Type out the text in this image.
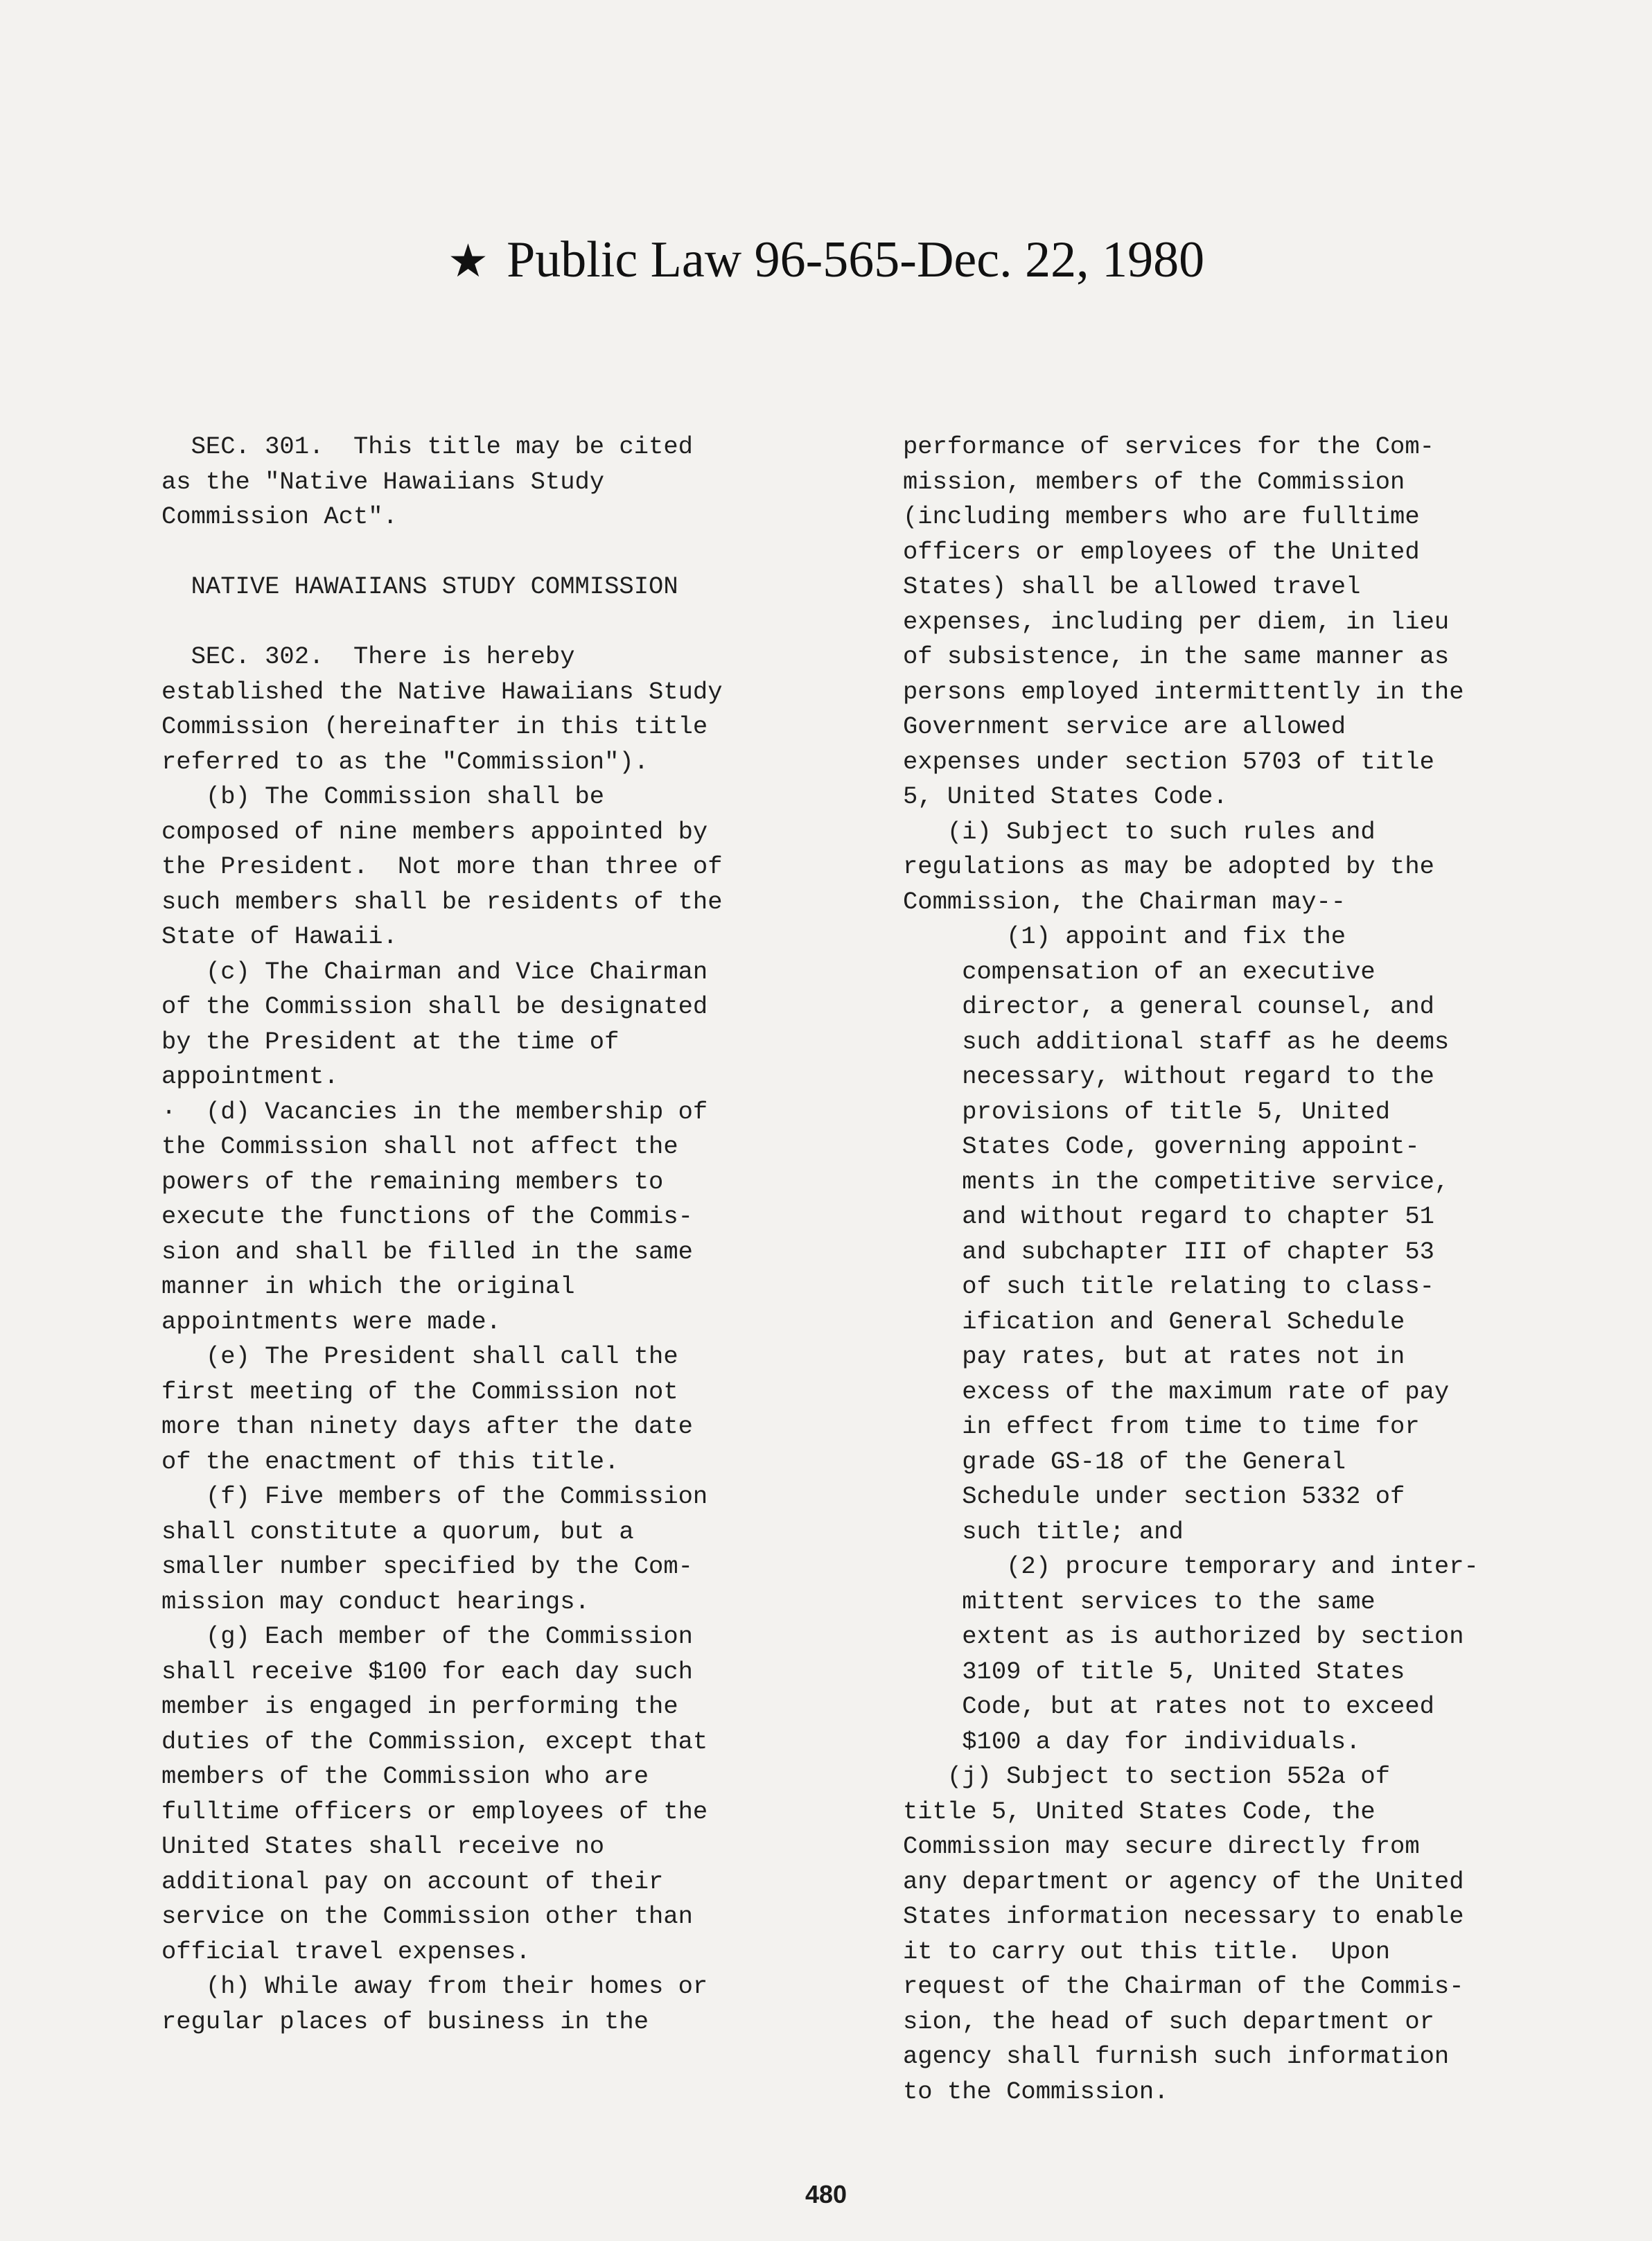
★ Public Law 96-565-Dec. 22, 1980
SEC. 301.  This title may be cited
as the "Native Hawaiians Study
Commission Act".
NATIVE HAWAIIANS STUDY COMMISSION
SEC. 302.  There is hereby
established the Native Hawaiians Study
Commission (hereinafter in this title
referred to as the "Commission").
(b) The Commission shall be
composed of nine members appointed by
the President.  Not more than three of
such members shall be residents of the
State of Hawaii.
(c) The Chairman and Vice Chairman
of the Commission shall be designated
by the President at the time of
appointment.
·  (d) Vacancies in the membership of
the Commission shall not affect the
powers of the remaining members to
execute the functions of the Commis-
sion and shall be filled in the same
manner in which the original
appointments were made.
(e) The President shall call the
first meeting of the Commission not
more than ninety days after the date
of the enactment of this title.
(f) Five members of the Commission
shall constitute a quorum, but a
smaller number specified by the Com-
mission may conduct hearings.
(g) Each member of the Commission
shall receive $100 for each day such
member is engaged in performing the
duties of the Commission, except that
members of the Commission who are
fulltime officers or employees of the
United States shall receive no
additional pay on account of their
service on the Commission other than
official travel expenses.
(h) While away from their homes or
regular places of business in the
performance of services for the Com-
mission, members of the Commission
(including members who are fulltime
officers or employees of the United
States) shall be allowed travel
expenses, including per diem, in lieu
of subsistence, in the same manner as
persons employed intermittently in the
Government service are allowed
expenses under section 5703 of title
5, United States Code.
(i) Subject to such rules and
regulations as may be adopted by the
Commission, the Chairman may--
(1) appoint and fix the
compensation of an executive
director, a general counsel, and
such additional staff as he deems
necessary, without regard to the
provisions of title 5, United
States Code, governing appoint-
ments in the competitive service,
and without regard to chapter 51
and subchapter III of chapter 53
of such title relating to class-
ification and General Schedule
pay rates, but at rates not in
excess of the maximum rate of pay
in effect from time to time for
grade GS-18 of the General
Schedule under section 5332 of
such title; and
(2) procure temporary and inter-
mittent services to the same
extent as is authorized by section
3109 of title 5, United States
Code, but at rates not to exceed
$100 a day for individuals.
(j) Subject to section 552a of
title 5, United States Code, the
Commission may secure directly from
any department or agency of the United
States information necessary to enable
it to carry out this title.  Upon
request of the Chairman of the Commis-
sion, the head of such department or
agency shall furnish such information
to the Commission.
480
